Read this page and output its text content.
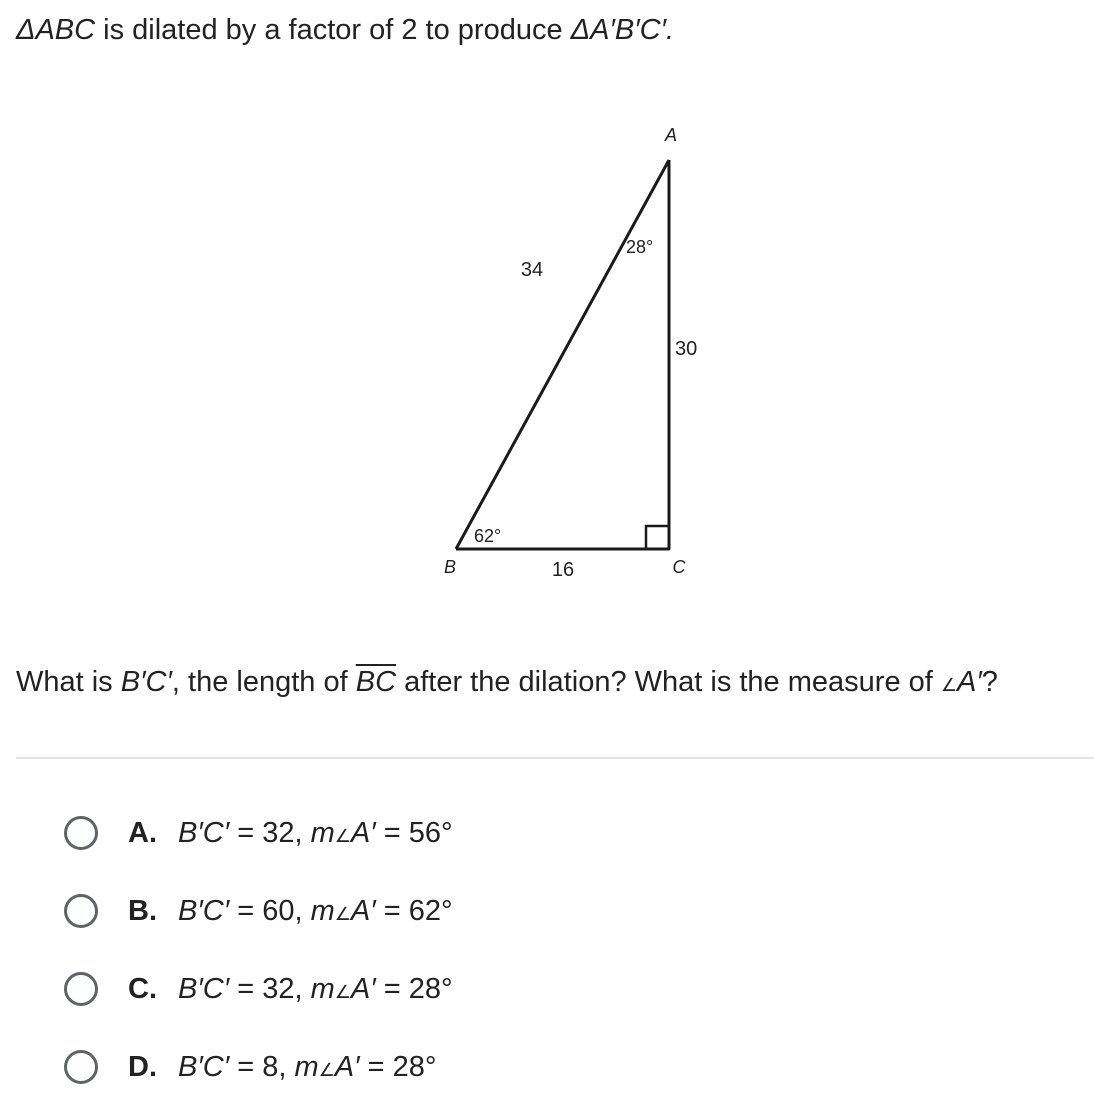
ΔABC is dilated by a factor of 2 to produce ΔA′B′C′.
A
B	C
34
30
16
28°
62°
What is B′C′, the length of $\overline{BC}$ after the dilation? What is the measure of ∠A′?
A. B′C′ = 32, m∠A′ = 56°
B. B′C′ = 60, m∠A′ = 62°
C. B′C′ = 32, m∠A′ = 28°
D. B′C′ = 8, m∠A′ = 28°
